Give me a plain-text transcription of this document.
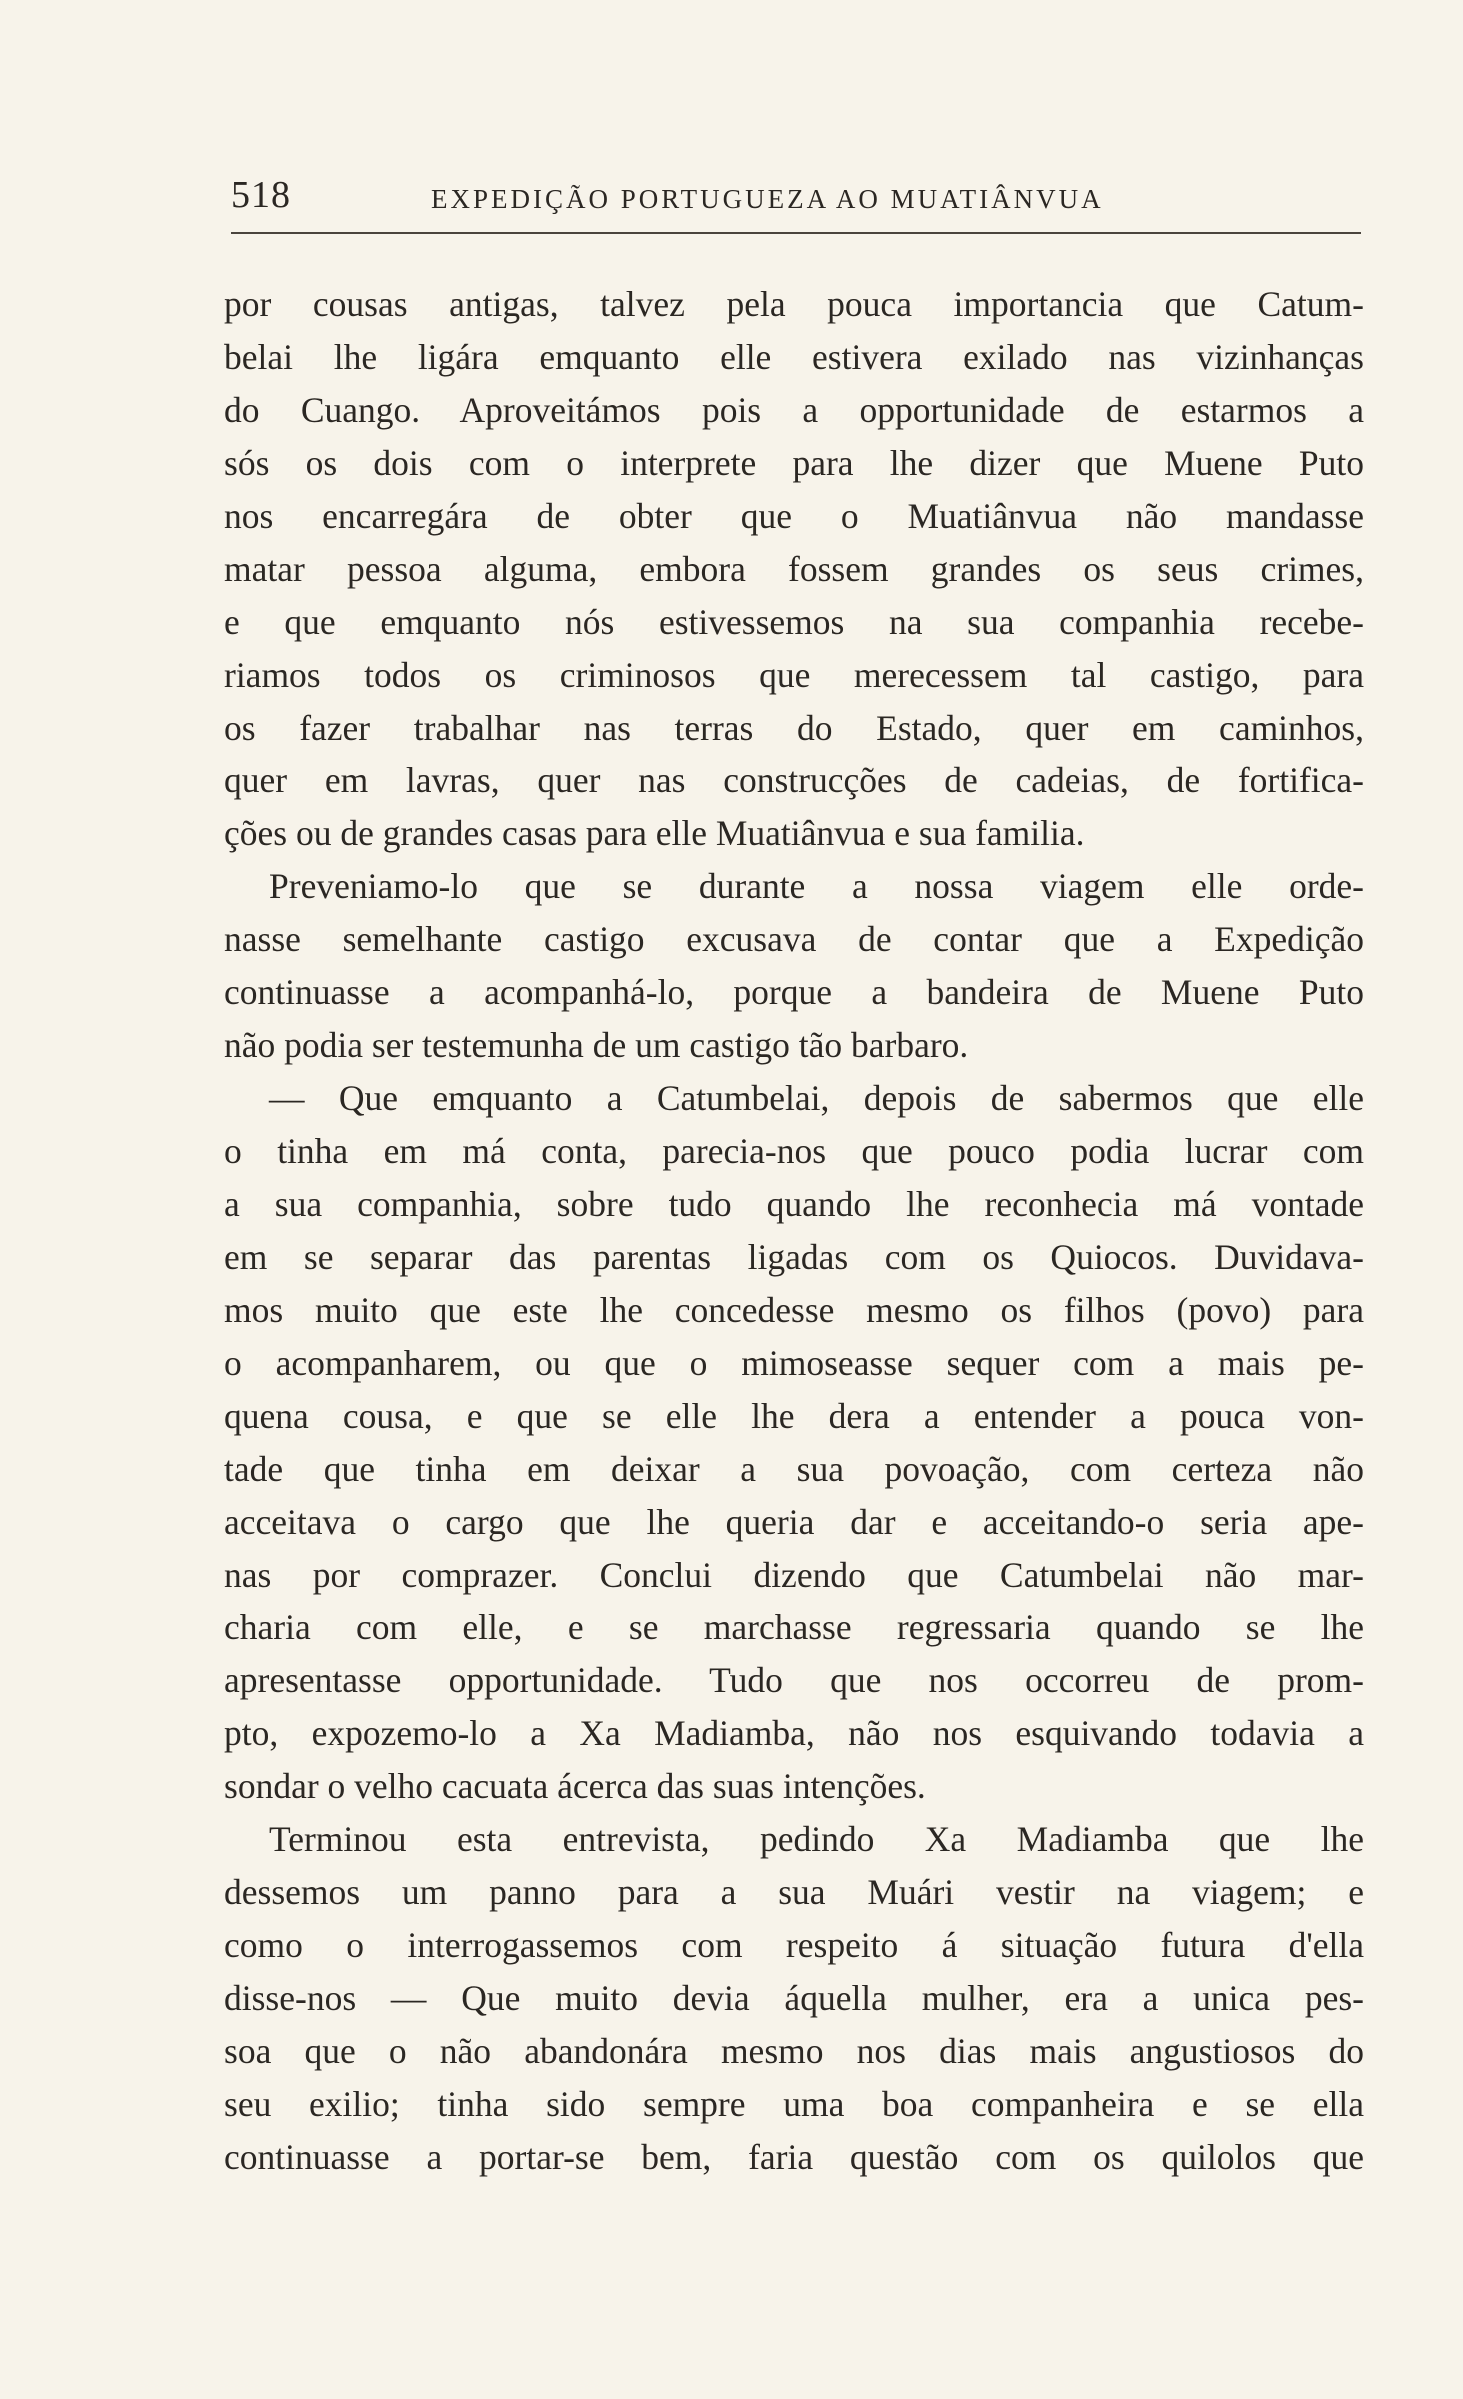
518	EXPEDIÇÃO PORTUGUEZA AO MUATIÂNVUA
por cousas antigas, talvez pela pouca importancia que Catum-
belai lhe ligára emquanto elle estivera exilado nas vizinhanças
do Cuango. Aproveitámos pois a opportunidade de estarmos a
sós os dois com o interprete para lhe dizer que Muene Puto
nos encarregára de obter que o Muatiânvua não mandasse
matar pessoa alguma, embora fossem grandes os seus crimes,
e que emquanto nós estivessemos na sua companhia recebe-
riamos todos os criminosos que merecessem tal castigo, para
os fazer trabalhar nas terras do Estado, quer em caminhos,
quer em lavras, quer nas construcções de cadeias, de fortifica-
ções ou de grandes casas para elle Muatiânvua e sua familia.
Preveniamo-lo que se durante a nossa viagem elle orde-
nasse semelhante castigo excusava de contar que a Expedição
continuasse a acompanhá-lo, porque a bandeira de Muene Puto
não podia ser testemunha de um castigo tão barbaro.
— Que emquanto a Catumbelai, depois de sabermos que elle
o tinha em má conta, parecia-nos que pouco podia lucrar com
a sua companhia, sobre tudo quando lhe reconhecia má vontade
em se separar das parentas ligadas com os Quiocos. Duvidava-
mos muito que este lhe concedesse mesmo os filhos (povo) para
o acompanharem, ou que o mimoseasse sequer com a mais pe-
quena cousa, e que se elle lhe dera a entender a pouca von-
tade que tinha em deixar a sua povoação, com certeza não
acceitava o cargo que lhe queria dar e acceitando-o seria ape-
nas por comprazer. Conclui dizendo que Catumbelai não mar-
charia com elle, e se marchasse regressaria quando se lhe
apresentasse opportunidade. Tudo que nos occorreu de prom-
pto, expozemo-lo a Xa Madiamba, não nos esquivando todavia a
sondar o velho cacuata ácerca das suas intenções.
Terminou esta entrevista, pedindo Xa Madiamba que lhe
dessemos um panno para a sua Muári vestir na viagem; e
como o interrogassemos com respeito á situação futura d'ella
disse-nos — Que muito devia áquella mulher, era a unica pes-
soa que o não abandonára mesmo nos dias mais angustiosos do
seu exilio; tinha sido sempre uma boa companheira e se ella
continuasse a portar-se bem, faria questão com os quilolos que
